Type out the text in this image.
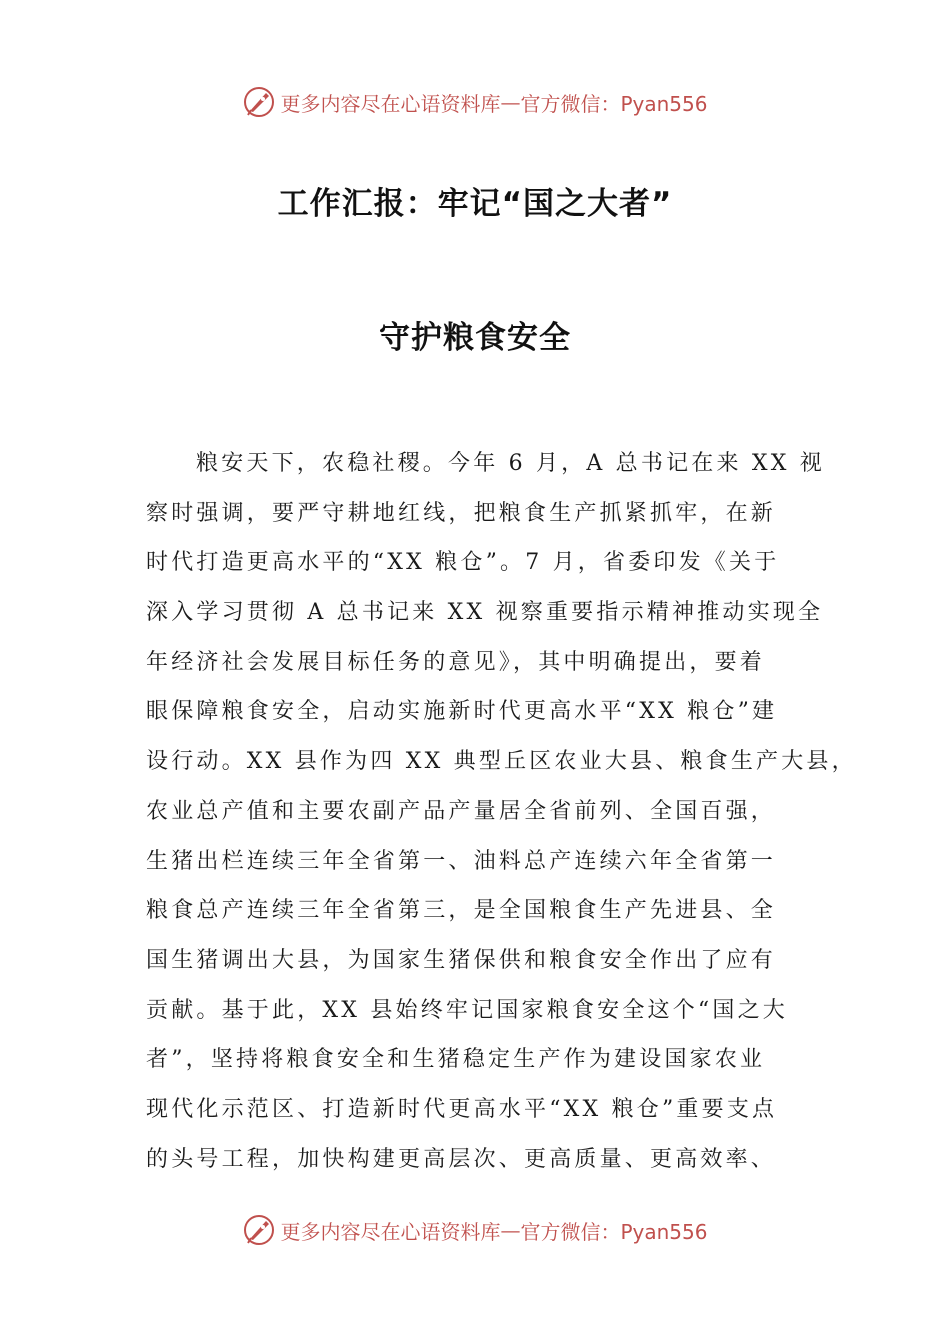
更多内容尽在心语资料库 — 官方微信：Pyan556
工作汇报：牢记“国之大者”
守护粮食安全
粮安天下，农稳社稷。今年 6 月，A 总书记在来 XX 视
察时强调，要严守耕地红线，把粮食生产抓紧抓牢，在新
时代打造更高水平的“XX 粮仓”。7 月，省委印发《关于
深入学习贯彻 A 总书记来 XX 视察重要指示精神推动实现全
年经济社会发展目标任务的意见》，其中明确提出，要着
眼保障粮食安全，启动实施新时代更高水平“XX 粮仓”建
设行动。XX 县作为四 XX 典型丘区农业大县、粮食生产大县，
农业总产值和主要农副产品产量居全省前列、全国百强，
生猪出栏连续三年全省第一、油料总产连续六年全省第一
粮食总产连续三年全省第三，是全国粮食生产先进县、全
国生猪调出大县，为国家生猪保供和粮食安全作出了应有
贡献。基于此，XX 县始终牢记国家粮食安全这个“国之大
者”，坚持将粮食安全和生猪稳定生产作为建设国家农业
现代化示范区、打造新时代更高水平“XX 粮仓”重要支点
的头号工程，加快构建更高层次、更高质量、更高效率、
更多内容尽在心语资料库 — 官方微信：Pyan556
